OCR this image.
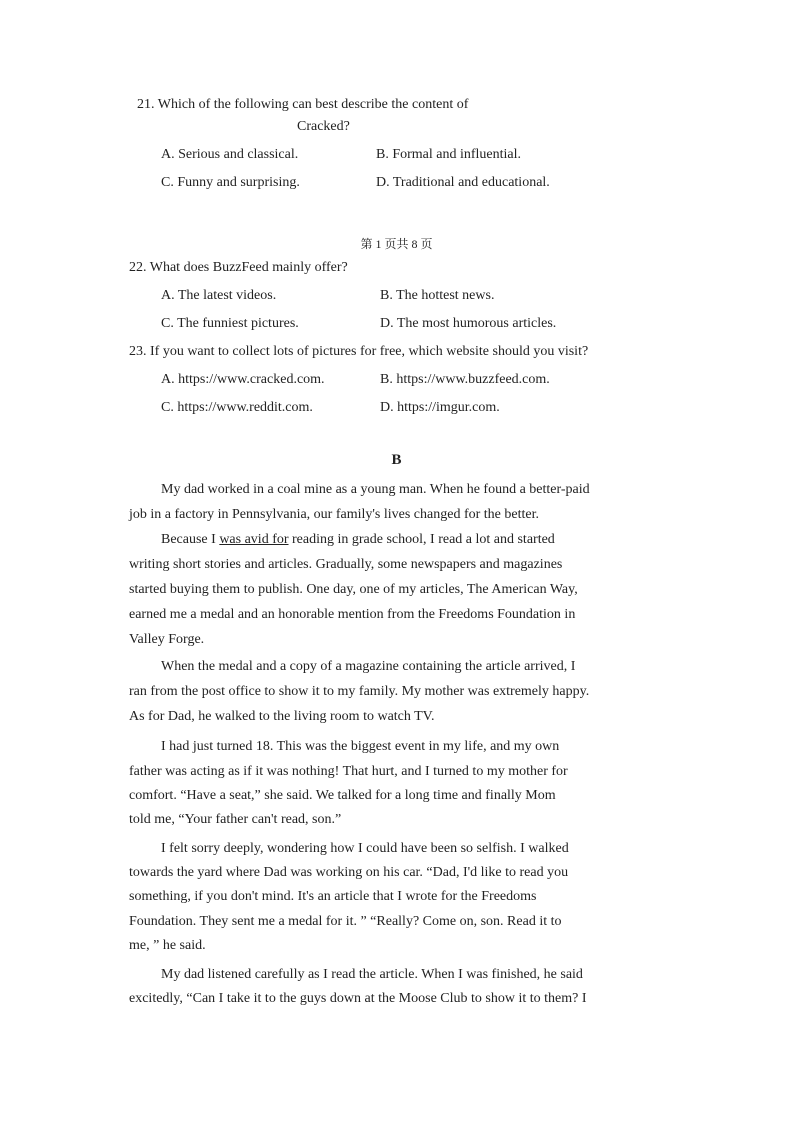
21. Which of the following can best describe the content of
Cracked?
A. Serious and classical.	B. Formal and influential.
C. Funny and surprising.	D. Traditional and educational.
第 1 页共 8 页
22. What does BuzzFeed mainly offer?
A. The latest videos.	B. The hottest news.
C. The funniest pictures.	D. The most humorous articles.
23. If you want to collect lots of pictures for free, which website should you visit?
A. https://www.cracked.com.	B. https://www.buzzfeed.com.
C. https://www.reddit.com.	D. https://imgur.com.
B
My dad worked in a coal mine as a young man. When he found a better-paid
job in a factory in Pennsylvania, our family's lives changed for the better.
Because I was avid for reading in grade school, I read a lot and started
writing short stories and articles. Gradually, some newspapers and magazines
started buying them to publish. One day, one of my articles, The American Way,
earned me a medal and an honorable mention from the Freedoms Foundation in
Valley Forge.
When the medal and a copy of a magazine containing the article arrived, I
ran from the post office to show it to my family. My mother was extremely happy.
As for Dad, he walked to the living room to watch TV.
I had just turned 18. This was the biggest event in my life, and my own
father was acting as if it was nothing! That hurt, and I turned to my mother for
comfort. “Have a seat,” she said. We talked for a long time and finally Mom
told me, “Your father can't read, son.”
I felt sorry deeply, wondering how I could have been so selfish. I walked
towards the yard where Dad was working on his car. “Dad, I'd like to read you
something, if you don't mind. It's an article that I wrote for the Freedoms
Foundation. They sent me a medal for it. ” “Really? Come on, son. Read it to
me, ” he said.
My dad listened carefully as I read the article. When I was finished, he said
excitedly, “Can I take it to the guys down at the Moose Club to show it to them? I
